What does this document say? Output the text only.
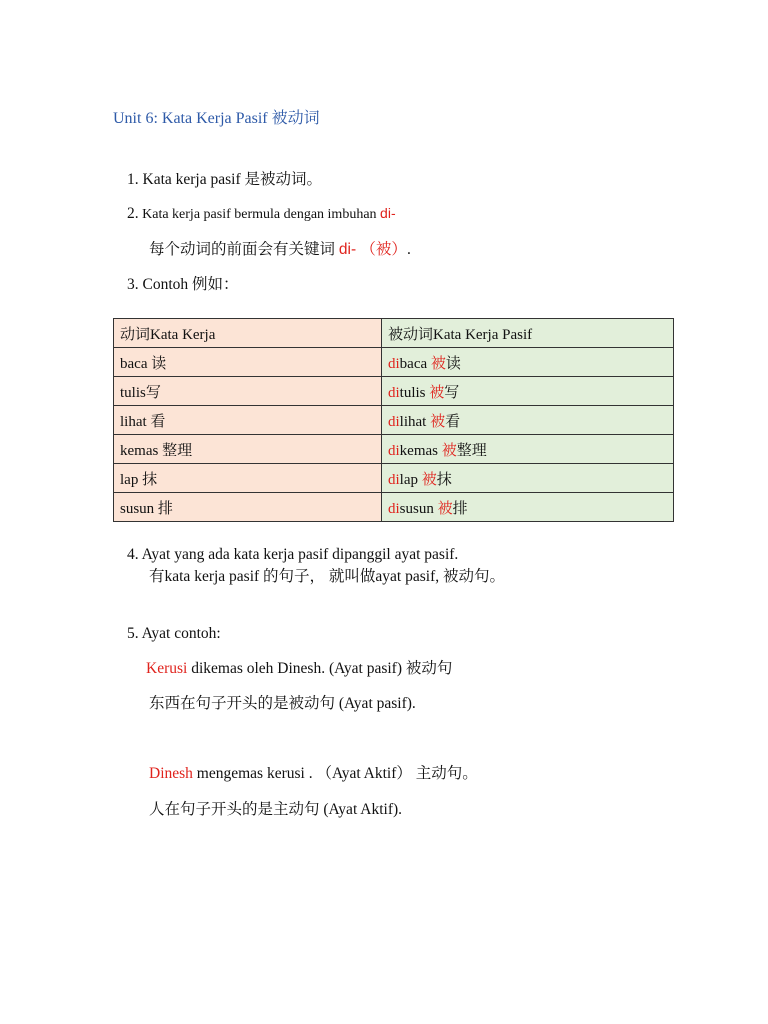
Unit 6: Kata Kerja Pasif 被动词
1. Kata kerja pasif 是被动词。
2. Kata kerja pasif bermula dengan imbuhan di-
每个动词的前面会有关键词 di- （被）.
3. Contoh 例如：
动词Kata Kerja	被动词Kata Kerja Pasif
baca 读	dibaca 被读
tulis写	ditulis 被写
lihat 看	dilihat 被看
kemas 整理	dikemas 被整理
lap 抹	dilap 被抹
susun 排	disusun 被排
4. Ayat yang ada kata kerja pasif dipanggil ayat pasif.
有kata kerja pasif 的句子， 就叫做ayat pasif, 被动句。
5. Ayat contoh:
Kerusi dikemas oleh Dinesh. (Ayat pasif) 被动句
东西在句子开头的是被动句 (Ayat pasif).
Dinesh mengemas kerusi . （Ayat Aktif） 主动句。
人在句子开头的是主动句 (Ayat Aktif).
